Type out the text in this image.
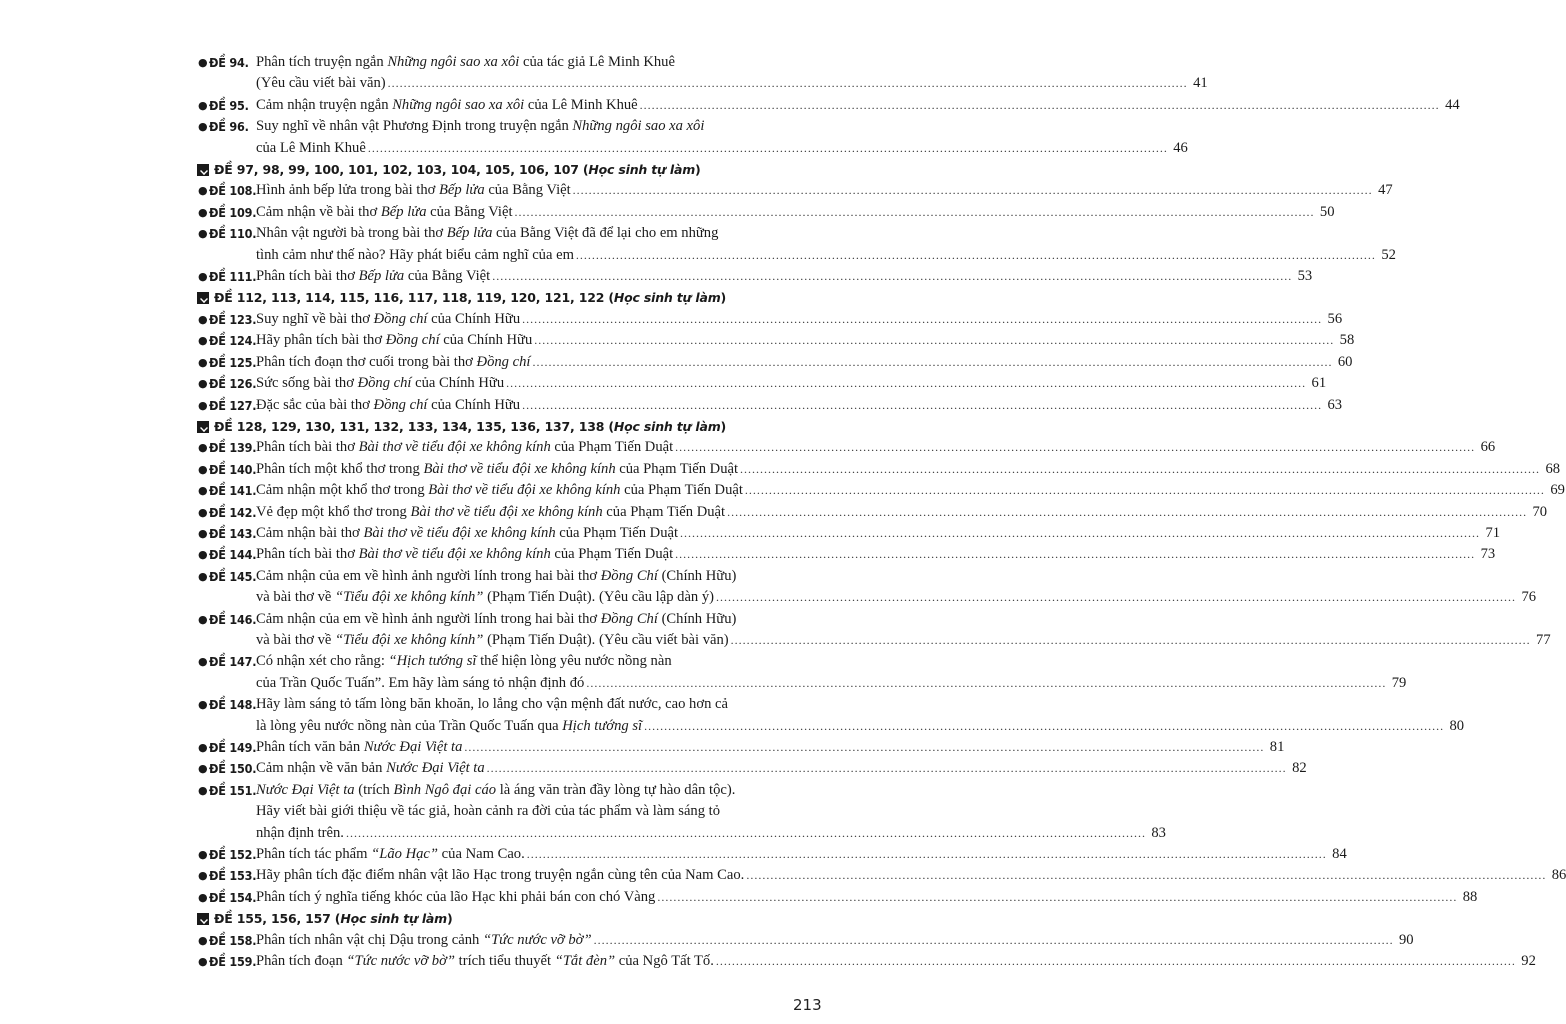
● ĐỀ 94. Phân tích truyện ngắn Những ngôi sao xa xôi của tác giả Lê Minh Khuê
(Yêu cầu viết bài văn) ........................................................................................................................................................................................................ 41
● ĐỀ 95. Cảm nhận truyện ngắn Những ngôi sao xa xôi của Lê Minh Khuê ........................................................................................................................................................................................................ 44
● ĐỀ 96. Suy nghĩ về nhân vật Phương Định trong truyện ngắn Những ngôi sao xa xôi
của Lê Minh Khuê ........................................................................................................................................................................................................ 46
ĐỀ 97, 98, 99, 100, 101, 102, 103, 104, 105, 106, 107 (Học sinh tự làm)
● ĐỀ 108. Hình ảnh bếp lửa trong bài thơ Bếp lửa của Bằng Việt ........................................................................................................................................................................................................ 47
● ĐỀ 109. Cảm nhận về bài thơ Bếp lửa của Bằng Việt ........................................................................................................................................................................................................ 50
● ĐỀ 110. Nhân vật người bà trong bài thơ Bếp lửa của Bằng Việt đã để lại cho em những
tình cảm như thế nào? Hãy phát biểu cảm nghĩ của em ........................................................................................................................................................................................................ 52
● ĐỀ 111. Phân tích bài thơ Bếp lửa của Bằng Việt ........................................................................................................................................................................................................ 53
ĐỀ 112, 113, 114, 115, 116, 117, 118, 119, 120, 121, 122 (Học sinh tự làm)
● ĐỀ 123. Suy nghĩ về bài thơ Đồng chí của Chính Hữu ........................................................................................................................................................................................................ 56
● ĐỀ 124. Hãy phân tích bài thơ Đồng chí của Chính Hữu ........................................................................................................................................................................................................ 58
● ĐỀ 125. Phân tích đoạn thơ cuối trong bài thơ Đồng chí ........................................................................................................................................................................................................ 60
● ĐỀ 126. Sức sống bài thơ Đồng chí của Chính Hữu ........................................................................................................................................................................................................ 61
● ĐỀ 127. Đặc sắc của bài thơ Đồng chí của Chính Hữu ........................................................................................................................................................................................................ 63
ĐỀ 128, 129, 130, 131, 132, 133, 134, 135, 136, 137, 138 (Học sinh tự làm)
● ĐỀ 139. Phân tích bài thơ Bài thơ về tiểu đội xe không kính của Phạm Tiến Duật ........................................................................................................................................................................................................ 66
● ĐỀ 140. Phân tích một khổ thơ trong Bài thơ về tiểu đội xe không kính của Phạm Tiến Duật ........................................................................................................................................................................................................ 68
● ĐỀ 141. Cảm nhận một khổ thơ trong Bài thơ về tiểu đội xe không kính của Phạm Tiến Duật ........................................................................................................................................................................................................ 69
● ĐỀ 142. Vẻ đẹp một khổ thơ trong Bài thơ về tiểu đội xe không kính của Phạm Tiến Duật ........................................................................................................................................................................................................ 70
● ĐỀ 143. Cảm nhận bài thơ Bài thơ về tiểu đội xe không kính của Phạm Tiến Duật ........................................................................................................................................................................................................ 71
● ĐỀ 144. Phân tích bài thơ Bài thơ về tiểu đội xe không kính của Phạm Tiến Duật ........................................................................................................................................................................................................ 73
● ĐỀ 145. Cảm nhận của em về hình ảnh người lính trong hai bài thơ Đồng Chí (Chính Hữu)
và bài thơ về “Tiểu đội xe không kính” (Phạm Tiến Duật). (Yêu cầu lập dàn ý) ........................................................................................................................................................................................................ 76
● ĐỀ 146. Cảm nhận của em về hình ảnh người lính trong hai bài thơ Đồng Chí (Chính Hữu)
và bài thơ về “Tiểu đội xe không kính” (Phạm Tiến Duật). (Yêu cầu viết bài văn) ........................................................................................................................................................................................................ 77
● ĐỀ 147. Có nhận xét cho rằng: “Hịch tướng sĩ thể hiện lòng yêu nước nồng nàn
của Trần Quốc Tuấn”. Em hãy làm sáng tỏ nhận định đó ........................................................................................................................................................................................................ 79
● ĐỀ 148. Hãy làm sáng tỏ tấm lòng băn khoăn, lo lắng cho vận mệnh đất nước, cao hơn cả
là lòng yêu nước nồng nàn của Trần Quốc Tuấn qua Hịch tướng sĩ ........................................................................................................................................................................................................ 80
● ĐỀ 149. Phân tích văn bản Nước Đại Việt ta ........................................................................................................................................................................................................ 81
● ĐỀ 150. Cảm nhận về văn bản Nước Đại Việt ta ........................................................................................................................................................................................................ 82
● ĐỀ 151. Nước Đại Việt ta (trích Bình Ngô đại cáo là áng văn tràn đầy lòng tự hào dân tộc).
Hãy viết bài giới thiệu về tác giả, hoàn cảnh ra đời của tác phẩm và làm sáng tỏ
nhận định trên. ........................................................................................................................................................................................................ 83
● ĐỀ 152. Phân tích tác phẩm “Lão Hạc” của Nam Cao. ........................................................................................................................................................................................................ 84
● ĐỀ 153. Hãy phân tích đặc điểm nhân vật lão Hạc trong truyện ngắn cùng tên của Nam Cao. ........................................................................................................................................................................................................ 86
● ĐỀ 154. Phân tích ý nghĩa tiếng khóc của lão Hạc khi phải bán con chó Vàng ........................................................................................................................................................................................................ 88
ĐỀ 155, 156, 157 (Học sinh tự làm)
● ĐỀ 158. Phân tích nhân vật chị Dậu trong cảnh “Tức nước vỡ bờ” ........................................................................................................................................................................................................ 90
● ĐỀ 159. Phân tích đoạn “Tức nước vỡ bờ” trích tiểu thuyết “Tắt đèn” của Ngô Tất Tố. ........................................................................................................................................................................................................ 92
213
